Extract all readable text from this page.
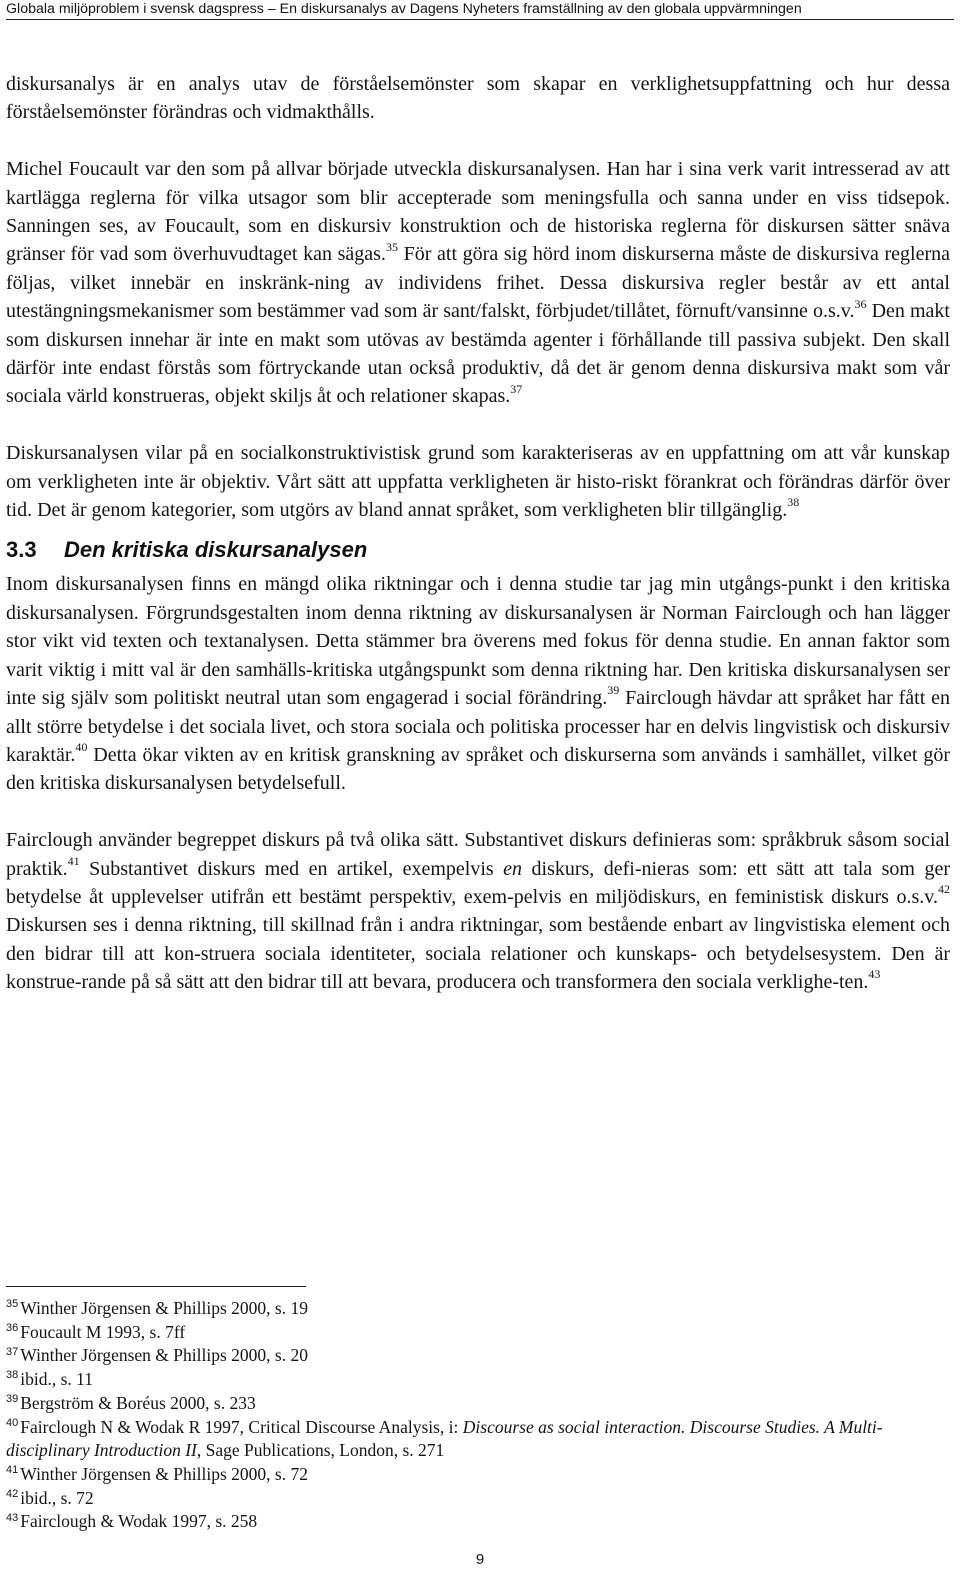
Globala miljöproblem i svensk dagspress – En diskursanalys av Dagens Nyheters framställning av den globala uppvärmningen

diskursanalys är en analys utav de förståelsemönster som skapar en verklighetsuppfattning och hur dessa förståelsemönster förändras och vidmakthålls.

Michel Foucault var den som på allvar började utveckla diskursanalysen. Han har i sina verk varit intresserad av att kartlägga reglerna för vilka utsagor som blir accepterade som meningsfulla och sanna under en viss tidsepok. Sanningen ses, av Foucault, som en diskursiv konstruktion och de historiska reglerna för diskursen sätter snäva gränser för vad som överhuvudtaget kan sägas.$^{35}$ För att göra sig hörd inom diskurserna måste de diskursiva reglerna följas, vilket innebär en inskränk-ning av individens frihet. Dessa diskursiva regler består av ett antal utestängningsmekanismer som bestämmer vad som är sant/falskt, förbjudet/tillåtet, förnuft/vansinne o.s.v.$^{36}$ Den makt som diskursen innehar är inte en makt som utövas av bestämda agenter i förhållande till passiva subjekt. Den skall därför inte endast förstås som förtryckande utan också produktiv, då det är genom denna diskursiva makt som vår sociala värld konstrueras, objekt skiljs åt och relationer skapas.$^{37}$

Diskursanalysen vilar på en socialkonstruktivistisk grund som karakteriseras av en uppfattning om att vår kunskap om verkligheten inte är objektiv. Vårt sätt att uppfatta verkligheten är histo-riskt förankrat och förändras därför över tid. Det är genom kategorier, som utgörs av bland annat språket, som verkligheten blir tillgänglig.$^{38}$

3.3 Den kritiska diskursanalysen

Inom diskursanalysen finns en mängd olika riktningar och i denna studie tar jag min utgångs-punkt i den kritiska diskursanalysen. Förgrundsgestalten inom denna riktning av diskursanalysen är Norman Fairclough och han lägger stor vikt vid texten och textanalysen. Detta stämmer bra överens med fokus för denna studie. En annan faktor som varit viktig i mitt val är den samhälls-kritiska utgångspunkt som denna riktning har. Den kritiska diskursanalysen ser inte sig själv som politiskt neutral utan som engagerad i social förändring.$^{39}$ Fairclough hävdar att språket har fått en allt större betydelse i det sociala livet, och stora sociala och politiska processer har en delvis lingvistisk och diskursiv karaktär.$^{40}$ Detta ökar vikten av en kritisk granskning av språket och diskurserna som används i samhället, vilket gör den kritiska diskursanalysen betydelsefull.

Fairclough använder begreppet diskurs på två olika sätt. Substantivet diskurs definieras som: språkbruk såsom social praktik.$^{41}$ Substantivet diskurs med en artikel, exempelvis en diskurs, defi-nieras som: ett sätt att tala som ger betydelse åt upplevelser utifrån ett bestämt perspektiv, exem-pelvis en miljödiskurs, en feministisk diskurs o.s.v.$^{42}$ Diskursen ses i denna riktning, till skillnad från i andra riktningar, som bestående enbart av lingvistiska element och den bidrar till att kon-struera sociala identiteter, sociala relationer och kunskaps- och betydelsesystem. Den är konstrue-rande på så sätt att den bidrar till att bevara, producera och transformera den sociala verklighe-ten.$^{43}$

$^{35}$ Winther Jörgensen & Phillips 2000, s. 19

$^{36}$ Foucault M 1993, s. 7ff

$^{37}$ Winther Jörgensen & Phillips 2000, s. 20

$^{38}$ ibid., s. 11

$^{39}$ Bergström & Boréus 2000, s. 233

$^{40}$ Fairclough N & Wodak R 1997, Critical Discourse Analysis, i: Discourse as social interaction. Discourse Studies. A Multi-disciplinary Introduction II, Sage Publications, London, s. 271

$^{41}$ Winther Jörgensen & Phillips 2000, s. 72

$^{42}$ ibid., s. 72

$^{43}$ Fairclough & Wodak 1997, s. 258

9
